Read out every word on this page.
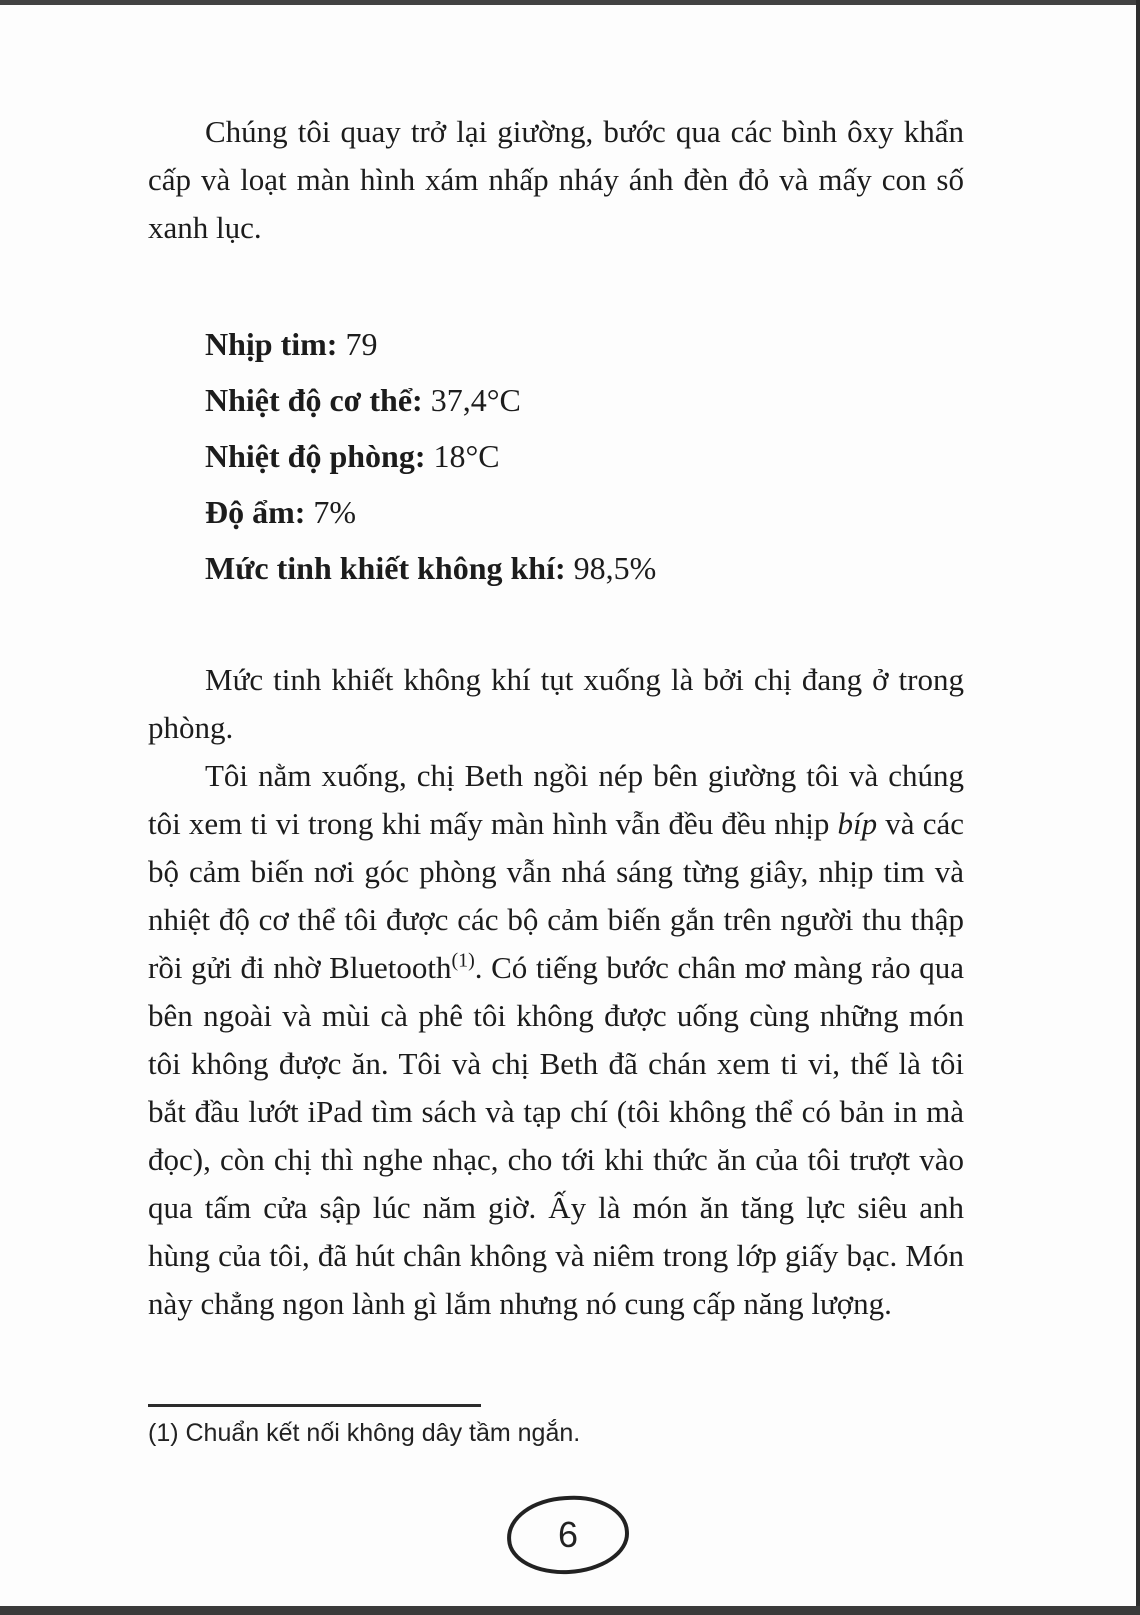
Chúng tôi quay trở lại giường, bước qua các bình ôxy khẩn cấp và loạt màn hình xám nhấp nháy ánh đèn đỏ và mấy con số xanh lục.

Nhịp tim: 79
Nhiệt độ cơ thể: 37,4°C
Nhiệt độ phòng: 18°C
Độ ẩm: 7%
Mức tinh khiết không khí: 98,5%

Mức tinh khiết không khí tụt xuống là bởi chị đang ở trong phòng.

Tôi nằm xuống, chị Beth ngồi nép bên giường tôi và chúng tôi xem ti vi trong khi mấy màn hình vẫn đều đều nhịp bíp và các bộ cảm biến nơi góc phòng vẫn nhá sáng từng giây, nhịp tim và nhiệt độ cơ thể tôi được các bộ cảm biến gắn trên người thu thập rồi gửi đi nhờ Bluetooth$^{(1)}$. Có tiếng bước chân mơ màng rảo qua bên ngoài và mùi cà phê tôi không được uống cùng những món tôi không được ăn. Tôi và chị Beth đã chán xem ti vi, thế là tôi bắt đầu lướt iPad tìm sách và tạp chí (tôi không thể có bản in mà đọc), còn chị thì nghe nhạc, cho tới khi thức ăn của tôi trượt vào qua tấm cửa sập lúc năm giờ. Ấy là món ăn tăng lực siêu anh hùng của tôi, đã hút chân không và niêm trong lớp giấy bạc. Món này chẳng ngon lành gì lắm nhưng nó cung cấp năng lượng.

(1) Chuẩn kết nối không dây tầm ngắn.
6
